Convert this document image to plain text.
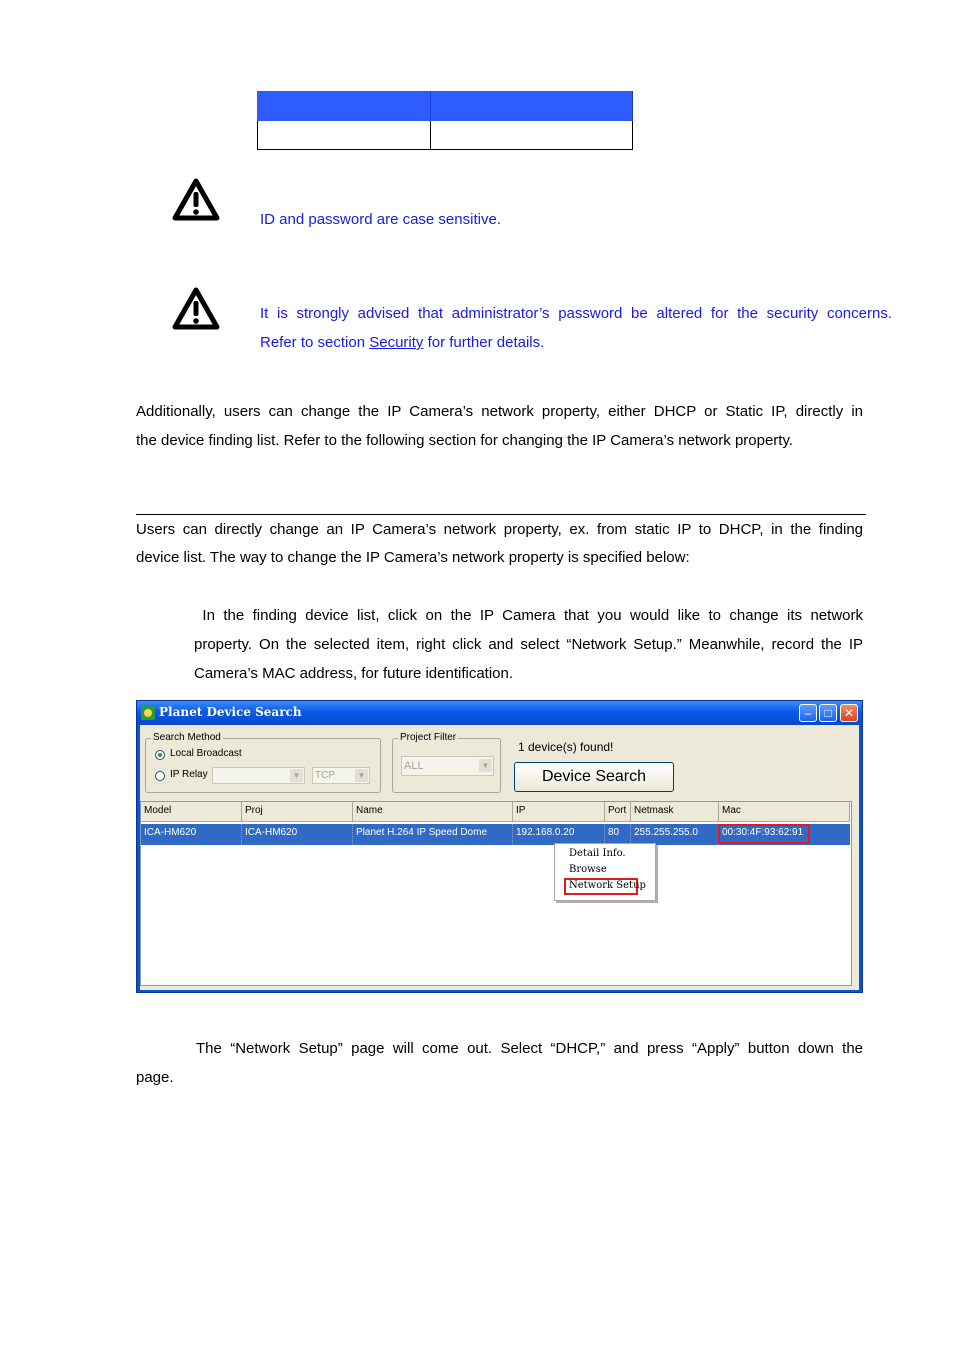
ID and password are case sensitive.
It is strongly advised that administrator’s password be altered for the security concerns.
Refer to section Security for further details.
Additionally, users can change the IP Camera’s network property, either DHCP or Static IP, directly in
the device finding list. Refer to the following section for changing the IP Camera’s network property.
Users can directly change an IP Camera’s network property, ex. from static IP to DHCP, in the finding
device list. The way to change the IP Camera’s network property is specified below:
In the finding device list, click on the IP Camera that you would like to change its network
property. On the selected item, right click and select “Network Setup.” Meanwhile, record the IP
Camera’s MAC address, for future identification.
Planet Device Search	–	□	✕
Search Method
Local Broadcast
IP Relay	▼ TCP	▼
Project Filter
ALL	▼
1 device(s) found!
Device Search
Model	Proj	Name	IP	Port Netmask	Mac
ICA-HM620	ICA-HM620	Planet H.264 IP Speed Dome	192.168.0.20	80	255.255.255.0	00:30:4F:93:62:91
Detail Info.
Browse
Network Setup
The “Network Setup” page will come out. Select “DHCP,” and press “Apply” button down the
page.
